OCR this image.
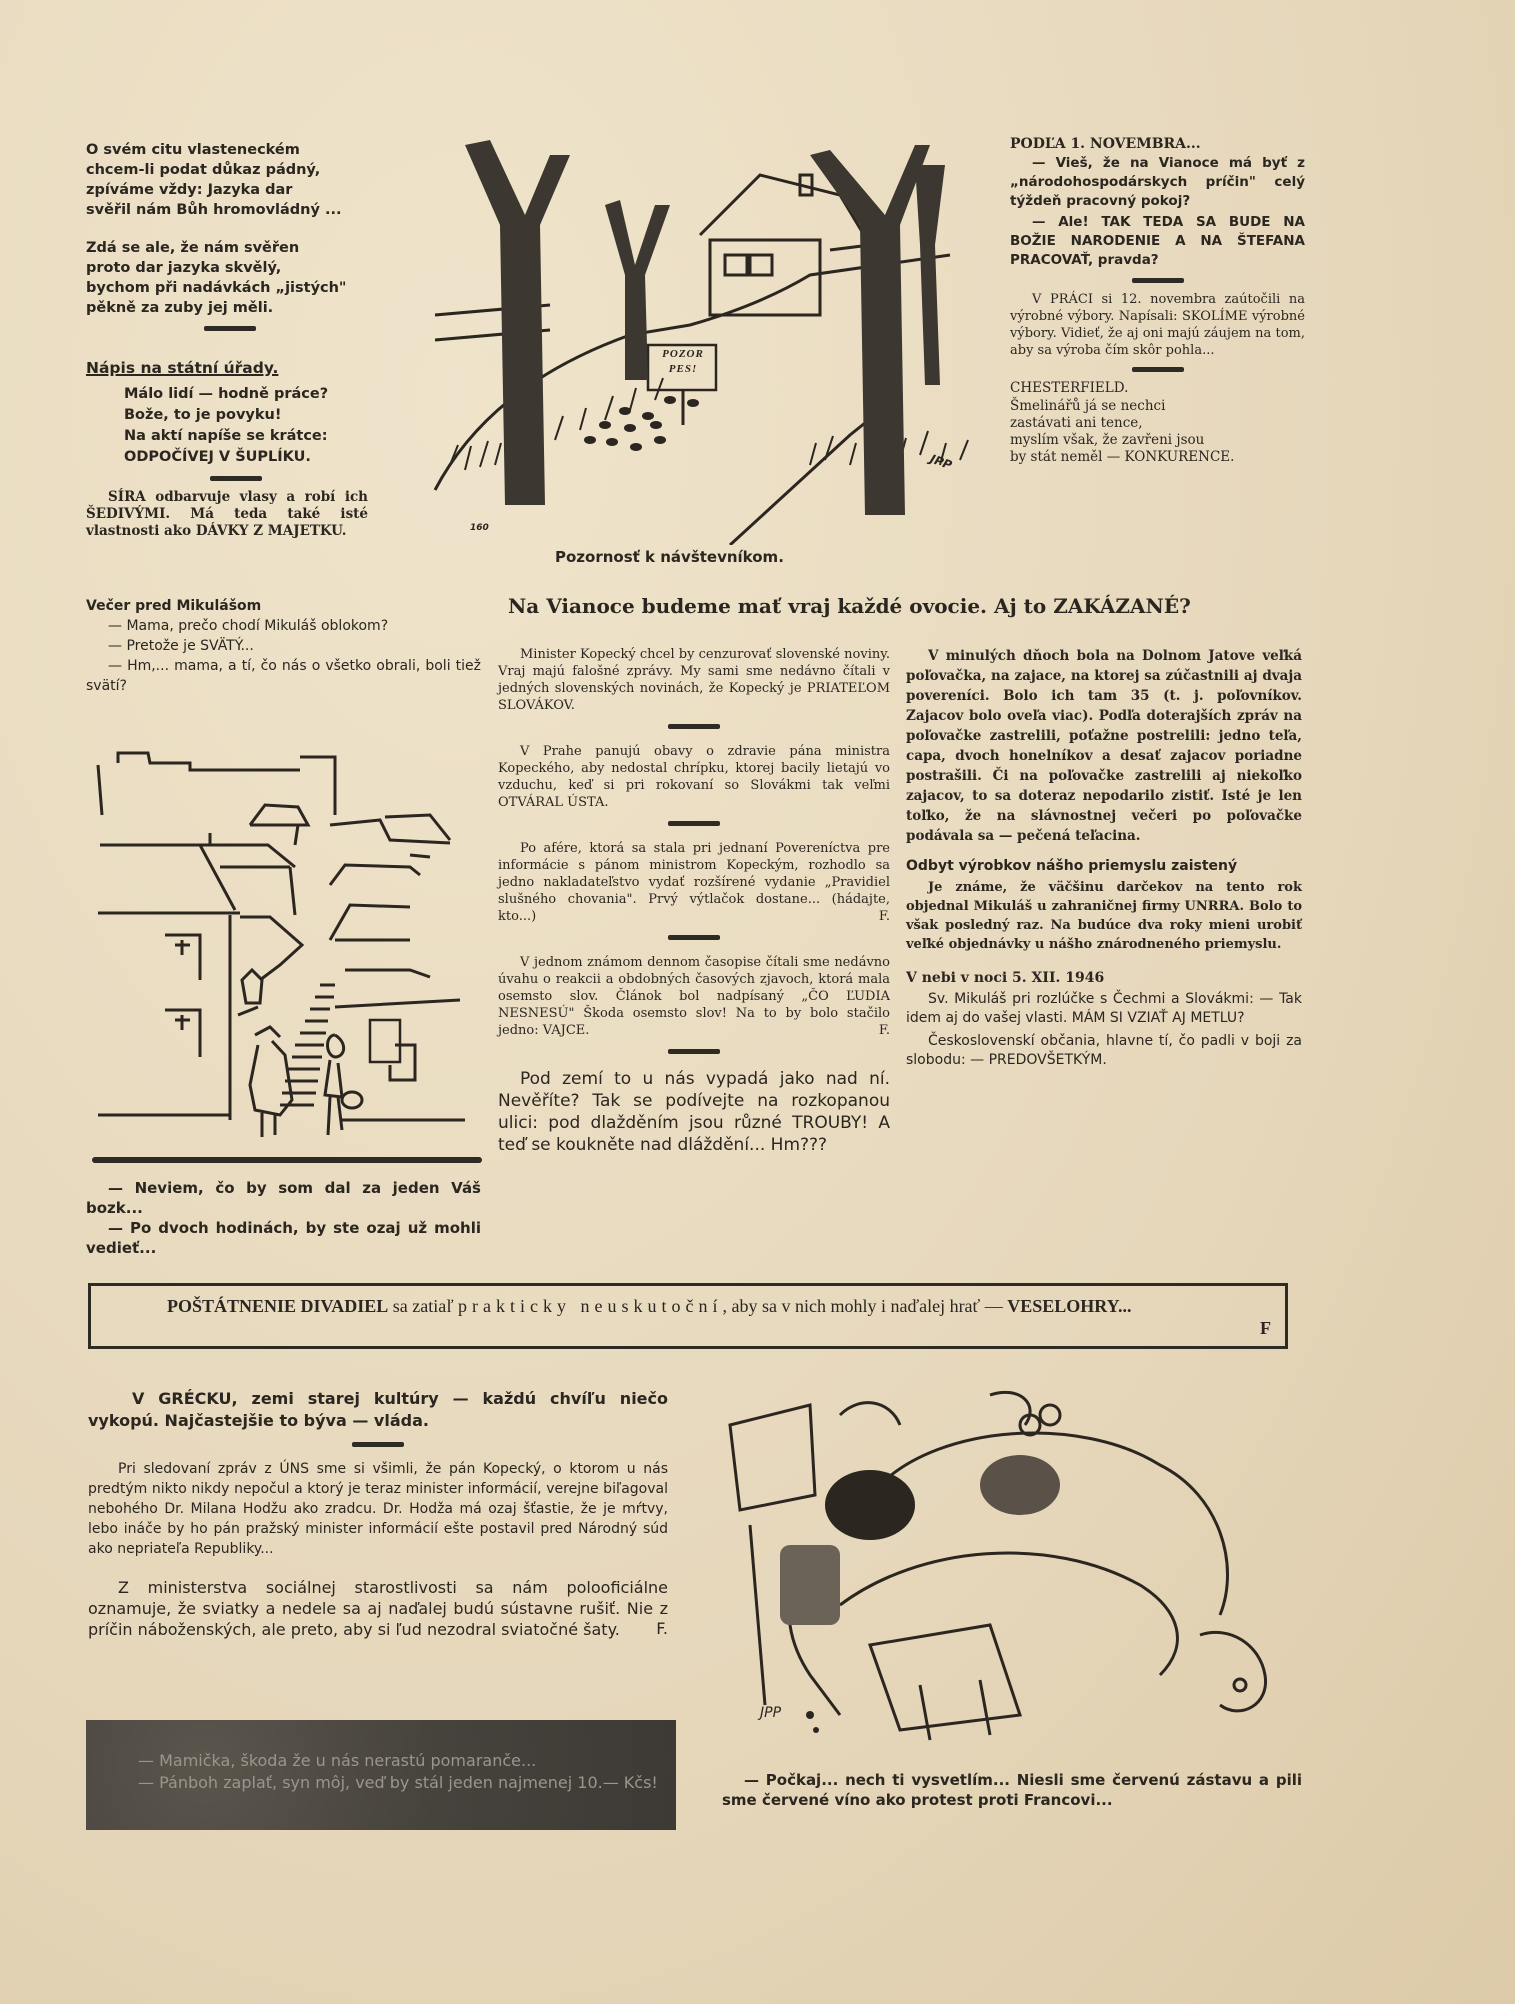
O svém citu vlasteneckém

chcem-li podat důkaz pádný,

zpíváme vždy: Jazyka dar

svěřil nám Bůh hromovládný ...

Zdá se ale, že nám svěřen

proto dar jazyka skvělý,

bychom při nadávkách „jistých"

pěkně za zuby jej měli.

Nápis na státní úřady.

Málo lidí — hodně práce?

Bože, to je povyku!

Na aktí napíše se krátce:

ODPOČÍVEJ V ŠUPLÍKU.

SÍRA odbarvuje vlasy a robí ich ŠEDIVÝMI. Má teda také isté vlastnosti ako DÁVKY Z MAJETKU.

POZOR
PES!
JPP
160
Pozornosť k návštevníkom.

PODĽA 1. NOVEMBRA...

— Vieš, že na Vianoce má byť z „národohospodárskych príčin" celý týždeň pracovný pokoj?

— Ale! TAK TEDA SA BUDE NA BOŽIE NARODENIE A NA ŠTEFANA PRACOVAŤ, pravda?

V PRÁCI si 12. novembra zaútočili na výrobné výbory. Napísali: SKOLÍME výrobné výbory. Vidieť, že aj oni majú záujem na tom, aby sa výroba čím skôr pohla...

CHESTERFIELD.

Šmelinářů já se nechci

zastávati ani tence,

myslím však, že zavřeni jsou

by stát neměl — KONKURENCE.

Večer pred Mikulášom

— Mama, prečo chodí Mikuláš oblokom?

— Pretože je SVÄTÝ...

— Hm,... mama, a tí, čo nás o všetko obrali, boli tiež svätí?

— Neviem, čo by som dal za jeden Váš bozk...

— Po dvoch hodinách, by ste ozaj už mohli vedieť...

Na Vianoce budeme mať vraj každé ovocie. Aj to ZAKÁZANÉ?

Minister Kopecký chcel by cenzurovať slovenské noviny. Vraj majú falošné zprávy. My sami sme nedávno čítali v jedných slovenských novinách, že Kopecký je PRIATEĽOM SLOVÁKOV.

V Prahe panujú obavy o zdravie pána ministra Kopeckého, aby nedostal chrípku, ktorej bacily lietajú vo vzduchu, keď si pri rokovaní so Slovákmi tak veľmi OTVÁRAL ÚSTA.

Po afére, ktorá sa stala pri jednaní Povereníctva pre informácie s pánom ministrom Kopeckým, rozhodlo sa jedno nakladateľstvo vydať rozšírené vydanie „Pravidiel slušného chovania". Prvý výtlačok dostane... (hádajte, kto...)	F.

V jednom známom dennom časopise čítali sme nedávno úvahu o reakcii a obdobných časových zjavoch, ktorá mala osemsto slov. Článok bol nadpísaný „ČO ĽUDIA NESNESÚ" Škoda osemsto slov! Na to by bolo stačilo jedno: VAJCE.	F.

Pod zemí to u nás vypadá jako nad ní. Nevěříte? Tak se podívejte na rozkopanou ulici: pod dlažděním jsou různé TROUBY! A teď se koukněte nad dláždění... Hm???

V minulých dňoch bola na Dolnom Jatove veľká poľovačka, na zajace, na ktorej sa zúčastnili aj dvaja povereníci. Bolo ich tam 35 (t. j. poľovníkov. Zajacov bolo oveľa viac). Podľa doterajších zpráv na poľovačke zastrelili, poťažne postrelili: jedno teľa, capa, dvoch honelníkov a desať zajacov poriadne postrašili. Či na poľovačke zastrelili aj niekoľko zajacov, to sa doteraz nepodarilo zistiť. Isté je len toľko, že na slávnostnej večeri po poľovačke podávala sa — pečená teľacina.

Odbyt výrobkov nášho priemyslu zaistený

Je známe, že väčšinu darčekov na tento rok objednal Mikuláš u zahraničnej firmy UNRRA. Bolo to však posledný raz. Na budúce dva roky mieni urobiť veľké objednávky u nášho znárodneného priemyslu.

V nebi v noci 5. XII. 1946

Sv. Mikuláš pri rozlúčke s Čechmi a Slovákmi: — Tak idem aj do vašej vlasti. MÁM SI VZIAŤ AJ METLU?

Československí občania, hlavne tí, čo padli v boji za slobodu: — PREDOVŠETKÝM.

POŠTÁTNENIE DIVADIEL sa zatiaľ prakticky neuskutoční, aby sa v nich mohly i naďalej hrať — VESELOHRY...

F

V GRÉCKU, zemi starej kultúry — každú chvíľu niečo vykopú. Najčastejšie to býva — vláda.

Pri sledovaní zpráv z ÚNS sme si všimli, že pán Kopecký, o ktorom u nás predtým nikto nikdy nepočul a ktorý je teraz minister informácií, verejne biľagoval nebohého Dr. Milana Hodžu ako zradcu. Dr. Hodža má ozaj šťastie, že je mŕtvy, lebo ináče by ho pán pražský minister informácií ešte postavil pred Národný súd ako nepriateľa Republiky...

Z ministerstva sociálnej starostlivosti sa nám polooficiálne oznamuje, že sviatky a nedele sa aj naďalej budú sústavne rušiť. Nie z príčin náboženských, ale preto, aby si ľud nezodral sviatočné šaty.	F.

— Mamička, škoda že u nás nerastú pomaranče...

— Pánboh zaplať, syn môj, veď by stál jeden najmenej 10.— Kčs!

JPP
— Počkaj... nech ti vysvetlím... Niesli sme červenú zástavu a pili sme červené víno ako protest proti Francovi...
